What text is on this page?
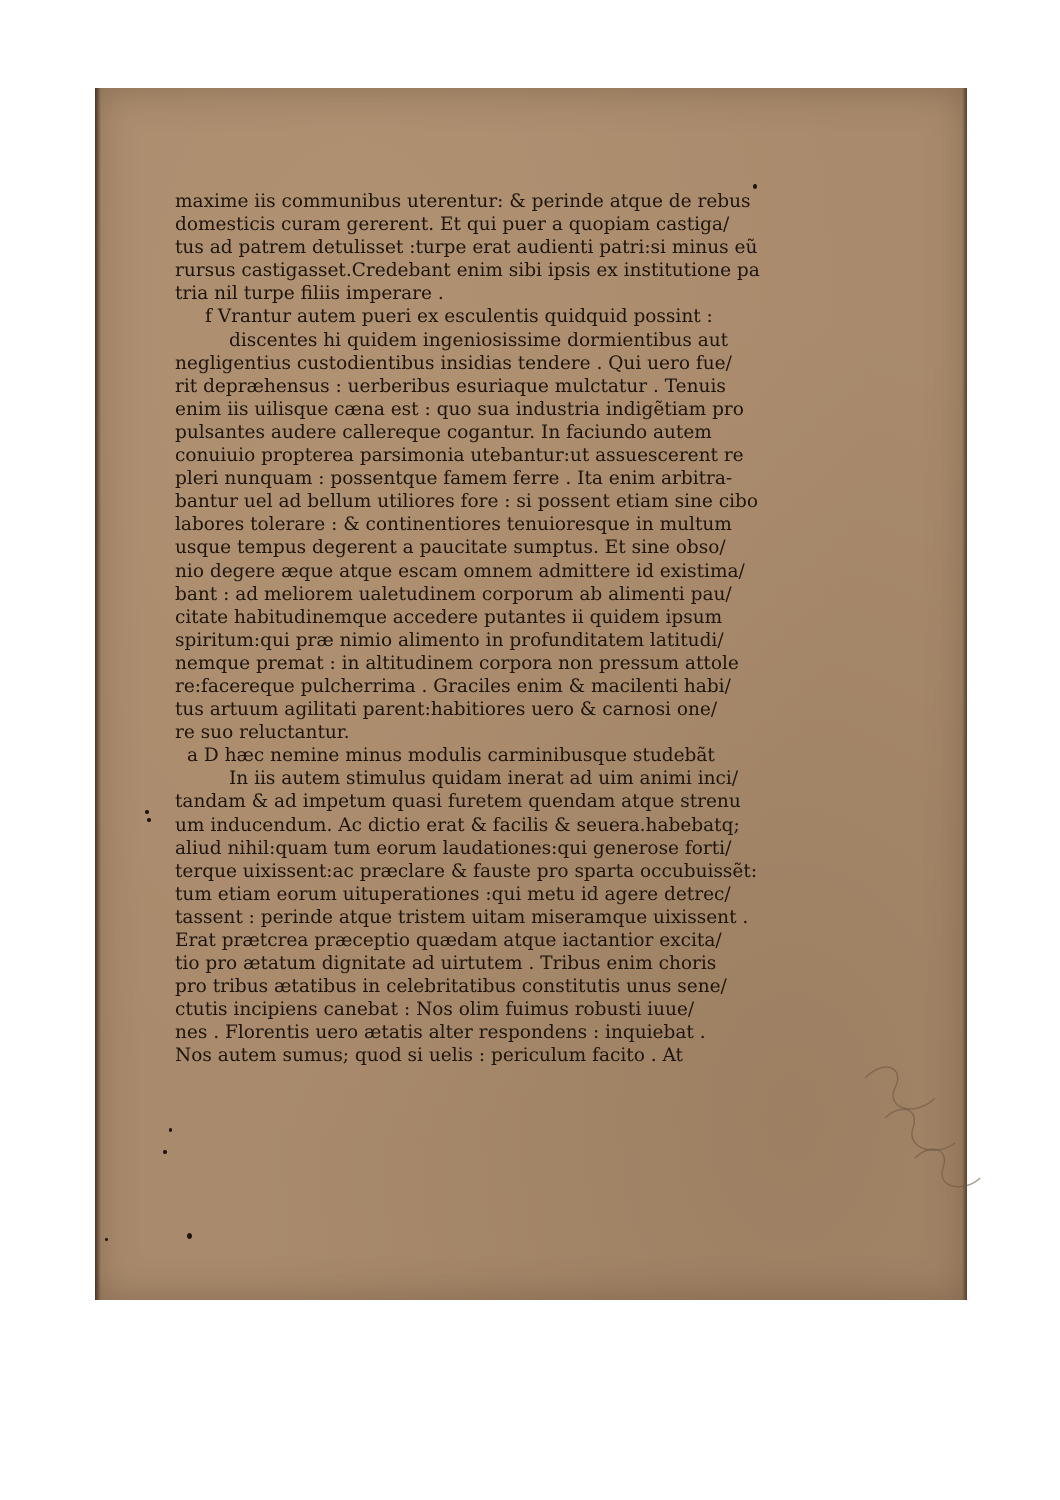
maxime iis communibus uterentur: & perinde atque de rebus
domesticis curam gererent. Et qui puer a quopiam castiga/
tus ad patrem detulisset :turpe erat audienti patri:si minus eũ
rursus castigasset.Credebant enim sibi ipsis ex institutione pa
tria nil turpe filiis imperare .
f Vrantur autem pueri ex esculentis quidquid possint :
discentes hi quidem ingeniosissime dormientibus aut
negligentius custodientibus insidias tendere . Qui uero fue/
rit depræhensus : uerberibus esuriaque mulctatur . Tenuis
enim iis uilisque cæna est : quo sua industria indigẽtiam pro
pulsantes audere callereque cogantur. In faciundo autem
conuiuio propterea parsimonia utebantur:ut assuescerent re
pleri nunquam : possentque famem ferre . Ita enim arbitra-
bantur uel ad bellum utiliores fore : si possent etiam sine cibo
labores tolerare : & continentiores tenuioresque in multum
usque tempus degerent a paucitate sumptus. Et sine obso/
nio degere æque atque escam omnem admittere id existima/
bant : ad meliorem ualetudinem corporum ab alimenti pau/
citate habitudinemque accedere putantes ii quidem ipsum
spiritum:qui præ nimio alimento in profunditatem latitudi/
nemque premat : in altitudinem corpora non pressum attole
re:facereque pulcherrima . Graciles enim & macilenti habi/
tus artuum agilitati parent:habitiores uero & carnosi one/
re suo reluctantur.
a D hæc nemine minus modulis carminibusque studebãt
In iis autem stimulus quidam inerat ad uim animi inci/
tandam & ad impetum quasi furetem quendam atque strenu
um inducendum. Ac dictio erat & facilis & seuera.habebatq;
aliud nihil:quam tum eorum laudationes:qui generose forti/
terque uixissent:ac præclare & fauste pro sparta occubuissẽt:
tum etiam eorum uituperationes :qui metu id agere detrec/
tassent : perinde atque tristem uitam miseramque uixissent .
Erat prætcrea præceptio quædam atque iactantior excita/
tio pro ætatum dignitate ad uirtutem . Tribus enim choris
pro tribus ætatibus in celebritatibus constitutis unus sene/
ctutis incipiens canebat : Nos olim fuimus robusti iuue/
nes . Florentis uero ætatis alter respondens : inquiebat .
Nos autem sumus; quod si uelis : periculum facito . At
